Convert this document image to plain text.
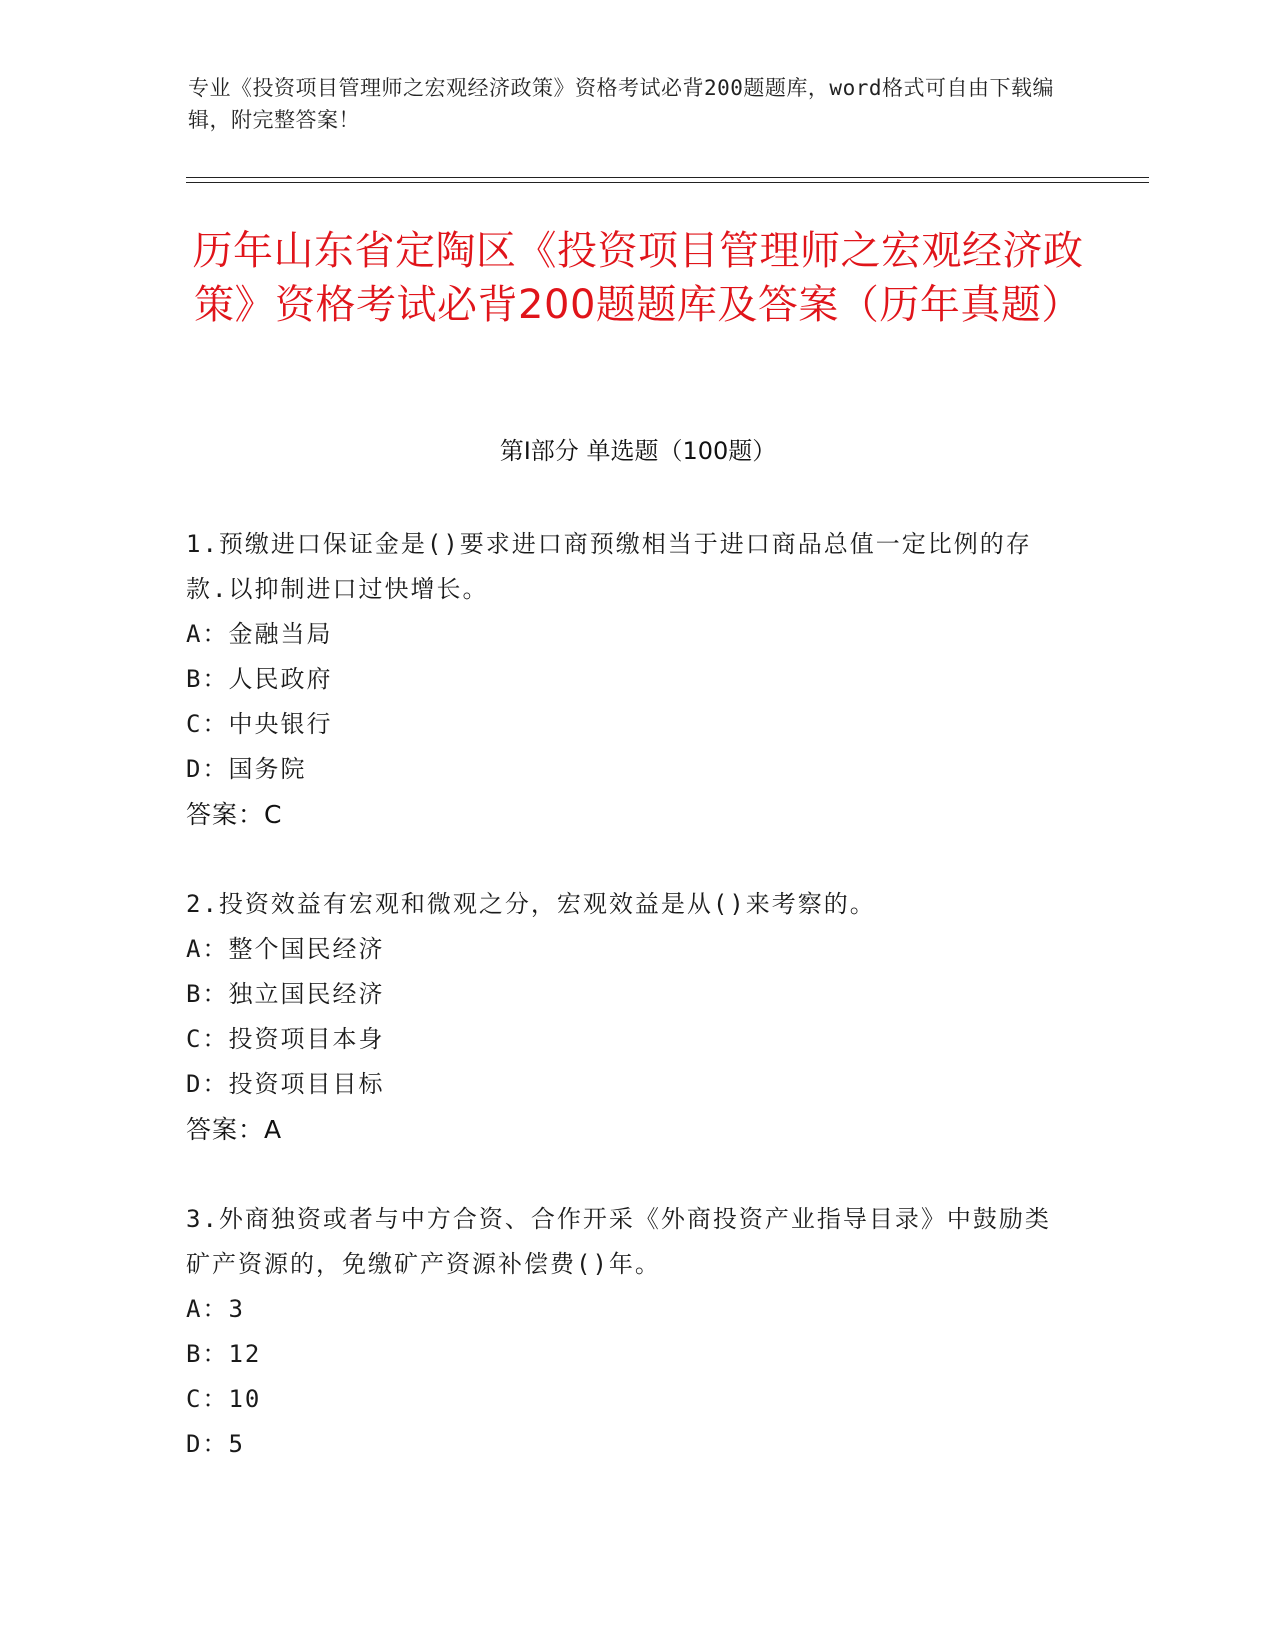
专业《投资项目管理师之宏观经济政策》资格考试必背200题题库，word格式可自由下载编辑，附完整答案！
历年山东省定陶区《投资项目管理师之宏观经济政策》资格考试必背200题题库及答案（历年真题）
第Ⅰ部分 单选题（100题）
1.预缴进口保证金是()要求进口商预缴相当于进口商品总值一定比例的存款.以抑制进口过快增长。
A：金融当局
B：人民政府
C：中央银行
D：国务院
答案：C
2.投资效益有宏观和微观之分，宏观效益是从()来考察的。
A：整个国民经济
B：独立国民经济
C：投资项目本身
D：投资项目目标
答案：A
3.外商独资或者与中方合资、合作开采《外商投资产业指导目录》中鼓励类矿产资源的，免缴矿产资源补偿费()年。
A：3
B：12
C：10
D：5
